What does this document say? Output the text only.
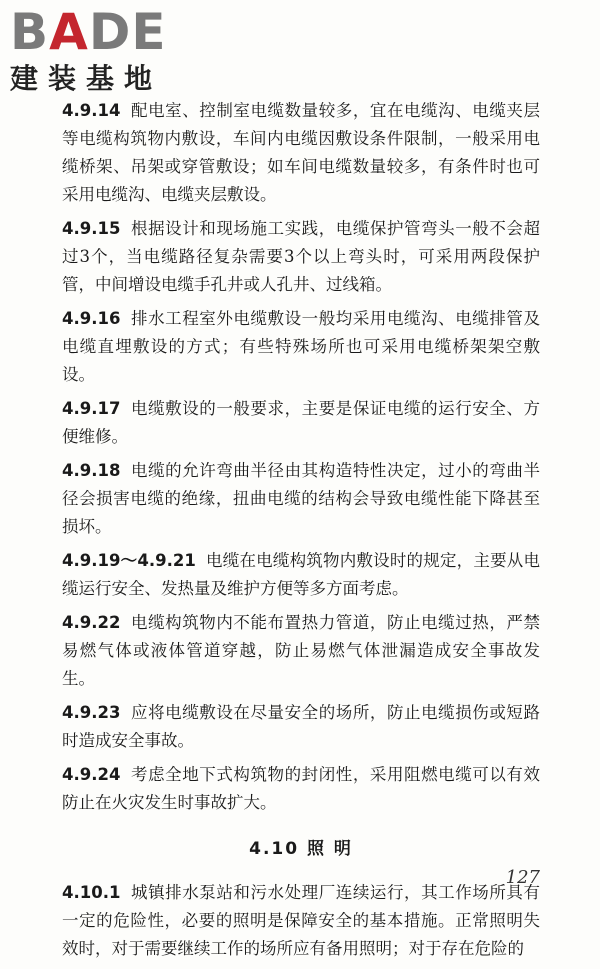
BADE
建装基地

4.9.14 配电室、控制室电缆数量较多，宜在电缆沟、电缆夹层等电缆构筑物内敷设，车间内电缆因敷设条件限制，一般采用电缆桥架、吊架或穿管敷设；如车间电缆数量较多，有条件时也可采用电缆沟、电缆夹层敷设。

4.9.15 根据设计和现场施工实践，电缆保护管弯头一般不会超过3个，当电缆路径复杂需要3个以上弯头时，可采用两段保护管，中间增设电缆手孔井或人孔井、过线箱。

4.9.16 排水工程室外电缆敷设一般均采用电缆沟、电缆排管及电缆直埋敷设的方式；有些特殊场所也可采用电缆桥架架空敷设。

4.9.17 电缆敷设的一般要求，主要是保证电缆的运行安全、方便维修。

4.9.18 电缆的允许弯曲半径由其构造特性决定，过小的弯曲半径会损害电缆的绝缘，扭曲电缆的结构会导致电缆性能下降甚至损坏。

4.9.19～4.9.21 电缆在电缆构筑物内敷设时的规定，主要从电缆运行安全、发热量及维护方便等多方面考虑。

4.9.22 电缆构筑物内不能布置热力管道，防止电缆过热，严禁易燃气体或液体管道穿越，防止易燃气体泄漏造成安全事故发生。

4.9.23 应将电缆敷设在尽量安全的场所，防止电缆损伤或短路时造成安全事故。

4.9.24 考虑全地下式构筑物的封闭性，采用阻燃电缆可以有效防止在火灾发生时事故扩大。

4.10 照 明

4.10.1 城镇排水泵站和污水处理厂连续运行，其工作场所具有一定的危险性，必要的照明是保障安全的基本措施。正常照明失效时，对于需要继续工作的场所应有备用照明；对于存在危险的

127
